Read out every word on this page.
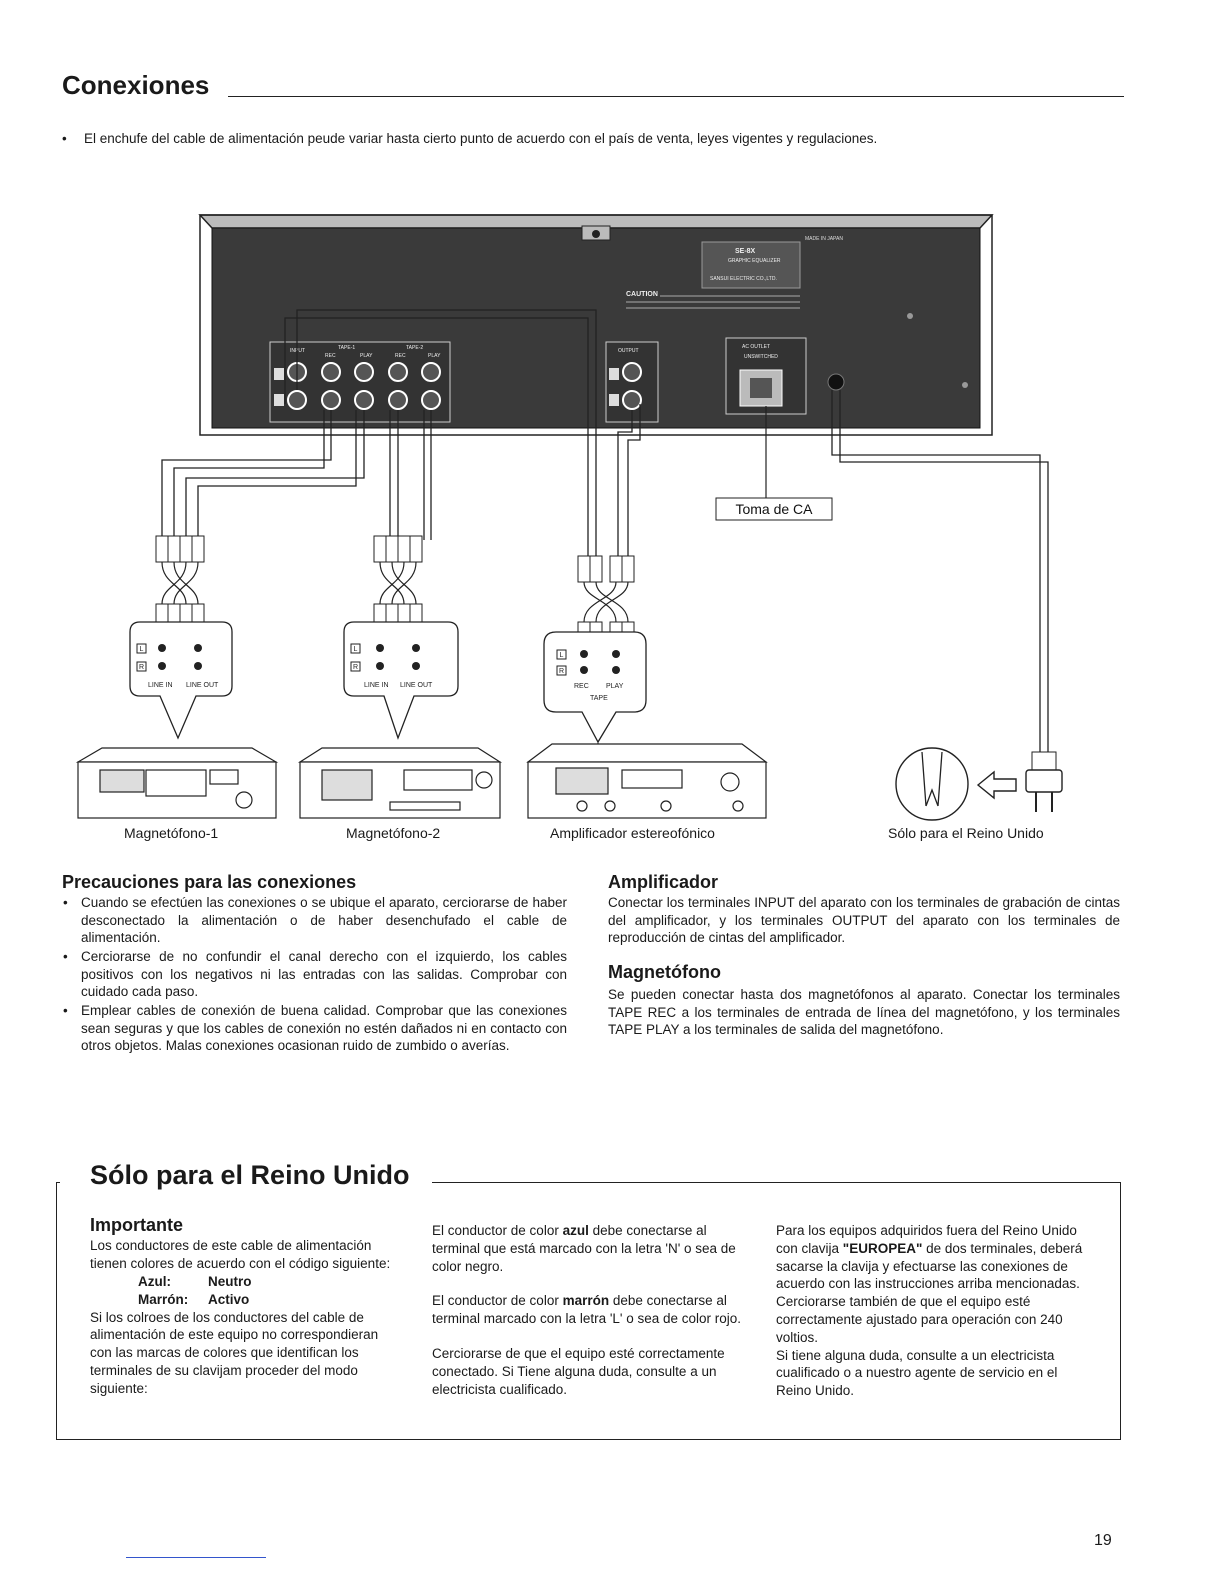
Conexiones
• El enchufe del cable de alimentación peude variar hasta cierto punto de acuerdo con el país de venta, leyes vigentes y regulaciones.
MADE IN JAPAN
SE-8X
GRAPHIC EQUALIZER
SANSUI ELECTRIC CO.,LTD.
CAUTION
INPUT	TAPE-1	TAPE-2
REC	PLAY	REC	PLAY
OUTPUT
AC OUTLET
UNSWITCHED
Toma de CA
LINE IN LINE OUT	LINE IN LINE OUT	REC PLAY
TAPE
L
R
L
R
L
R
Magnetófono-1	Magnetófono-2	Amplificador estereofónico	Sólo para el Reino Unido
Precauciones para las conexiones
• Cuando se efectúen las conexiones o se ubique el aparato, cerciorarse de haber desconectado la alimentación o de haber desenchufado el cable de alimentación.
• Cerciorarse de no confundir el canal derecho con el izquierdo, los cables positivos con los negativos ni las entradas con las salidas. Comprobar con cuidado cada paso.
• Emplear cables de conexión de buena calidad. Comprobar que las conexiones sean seguras y que los cables de conexión no estén dañados ni en contacto con otros objetos. Malas conexiones ocasionan ruido de zumbido o averías.
Amplificador
Conectar los terminales INPUT del aparato con los terminales de grabación de cintas del amplificador, y los terminales OUTPUT del aparato con los terminales de reproducción de cintas del amplificador.
Magnetófono
Se pueden conectar hasta dos magnetófonos al aparato. Conectar los terminales TAPE REC a los terminales de entrada de línea del magnetófono, y los terminales TAPE PLAY a los terminales de salida del magnetófono.
Sólo para el Reino Unido
Importante
Los conductores de este cable de alimentación tienen colores de acuerdo con el código siguiente:
Azul:	Neutro
Marrón: Activo
Si los colroes de los conductores del cable de alimentación de este equipo no correspondieran con las marcas de colores que identifican los terminales de su clavijam proceder del modo siguiente:
El conductor de color azul debe conectarse al terminal que está marcado con la letra 'N' o sea de color negro.
El conductor de color marrón debe conectarse al terminal marcado con la letra 'L' o sea de color rojo.
Cerciorarse de que el equipo esté correctamente conectado. Si Tiene alguna duda, consulte a un electricista cualificado.
Para los equipos adquiridos fuera del Reino Unido con clavija "EUROPEA" de dos terminales, deberá sacarse la clavija y efectuarse las conexiones de acuerdo con las instrucciones arriba mencionadas. Cerciorarse también de que el equipo esté correctamente ajustado para operación con 240 voltios.
Si tiene alguna duda, consulte a un electricista cualificado o a nuestro agente de servicio en el Reino Unido.
19
